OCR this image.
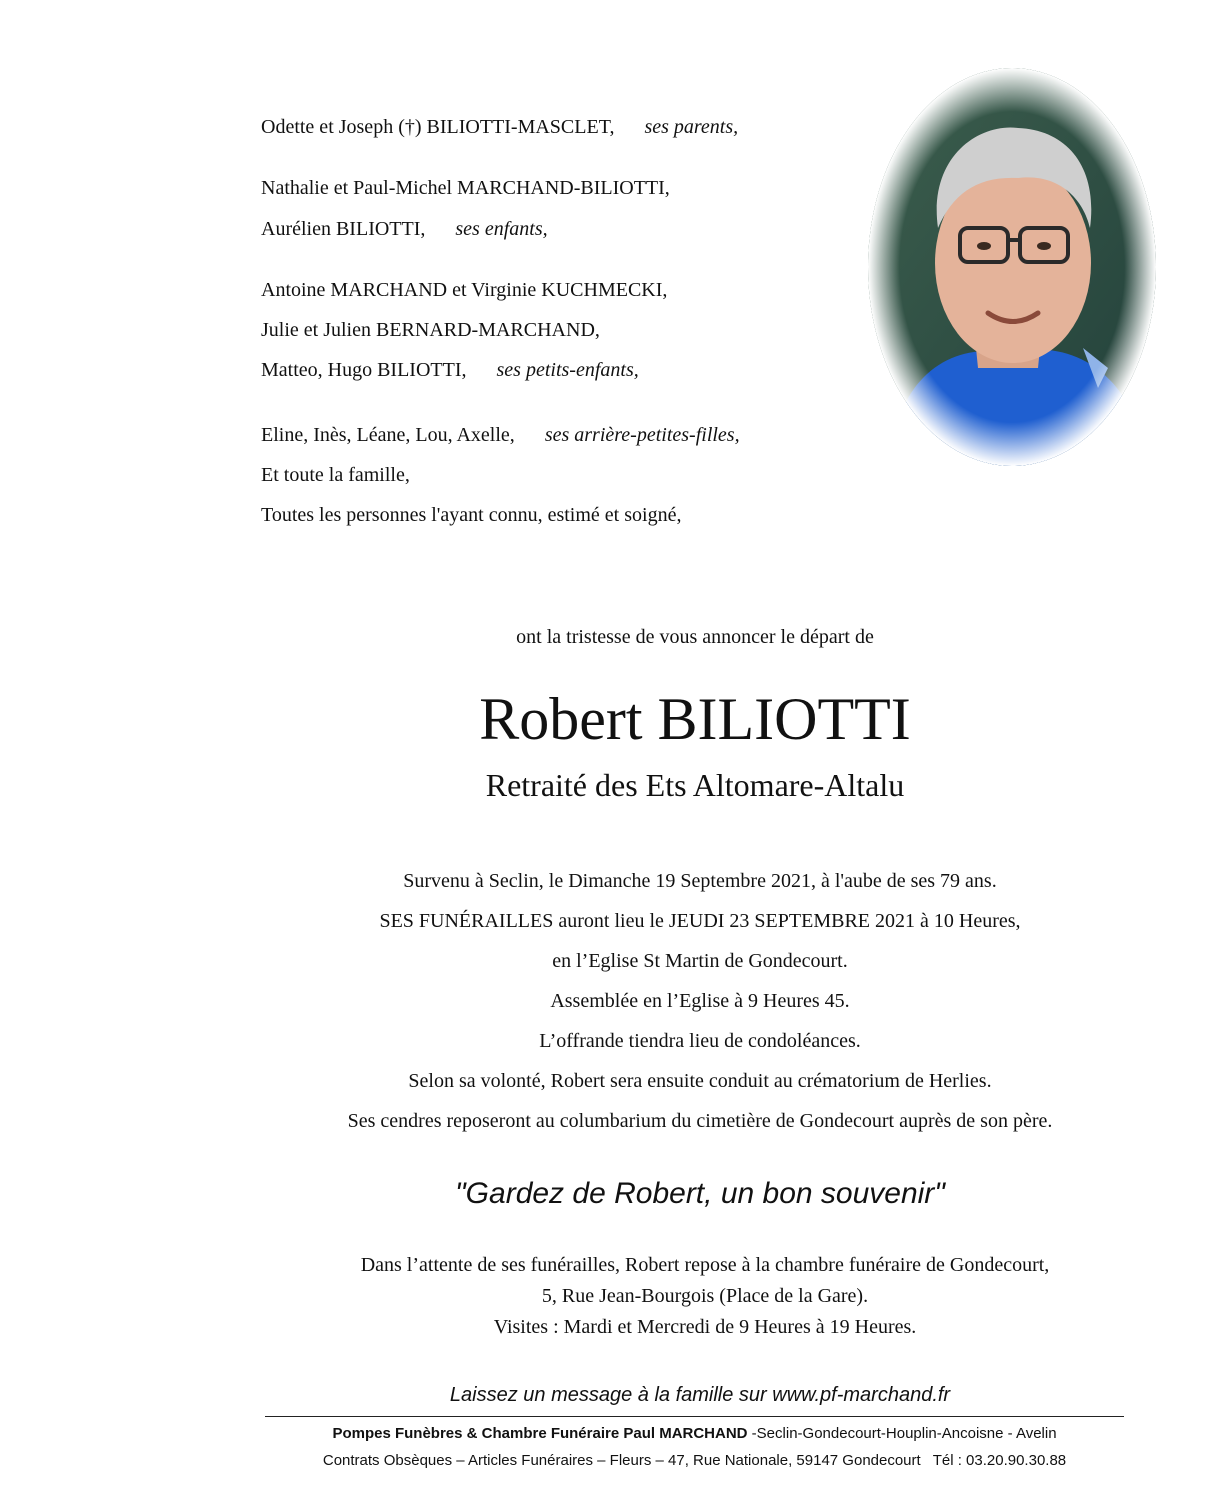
Odette et Joseph (†) BILIOTTI-MASCLET, ses parents,
Nathalie et Paul-Michel MARCHAND-BILIOTTI,
Aurélien BILIOTTI, ses enfants,
Antoine MARCHAND et Virginie KUCHMECKI,
Julie et Julien BERNARD-MARCHAND,
Matteo, Hugo BILIOTTI, ses petits-enfants,
Eline, Inès, Léane, Lou, Axelle, ses arrière-petites-filles,
Et toute la famille,
Toutes les personnes l'ayant connu, estimé et soigné,
ont la tristesse de vous annoncer le départ de
Robert BILIOTTI
Retraité des Ets Altomare-Altalu
Survenu à Seclin, le Dimanche 19 Septembre 2021, à l'aube de ses 79 ans.
SES FUNÉRAILLES auront lieu le JEUDI 23 SEPTEMBRE 2021 à 10 Heures,
en l’Eglise St Martin de Gondecourt.
Assemblée en l’Eglise à 9 Heures 45.
L’offrande tiendra lieu de condoléances.
Selon sa volonté, Robert sera ensuite conduit au crématorium de Herlies.
Ses cendres reposeront au columbarium du cimetière de Gondecourt auprès de son père.
"Gardez de Robert, un bon souvenir"
Dans l’attente de ses funérailles, Robert repose à la chambre funéraire de Gondecourt,
5, Rue Jean-Bourgois (Place de la Gare).
Visites : Mardi et Mercredi de 9 Heures à 19 Heures.
Laissez un message à la famille sur www.pf-marchand.fr
Pompes Funèbres & Chambre Funéraire Paul MARCHAND -Seclin-Gondecourt-Houplin-Ancoisne - Avelin
Contrats Obsèques – Articles Funéraires – Fleurs – 47, Rue Nationale, 59147 Gondecourt Tél : 03.20.90.30.88
